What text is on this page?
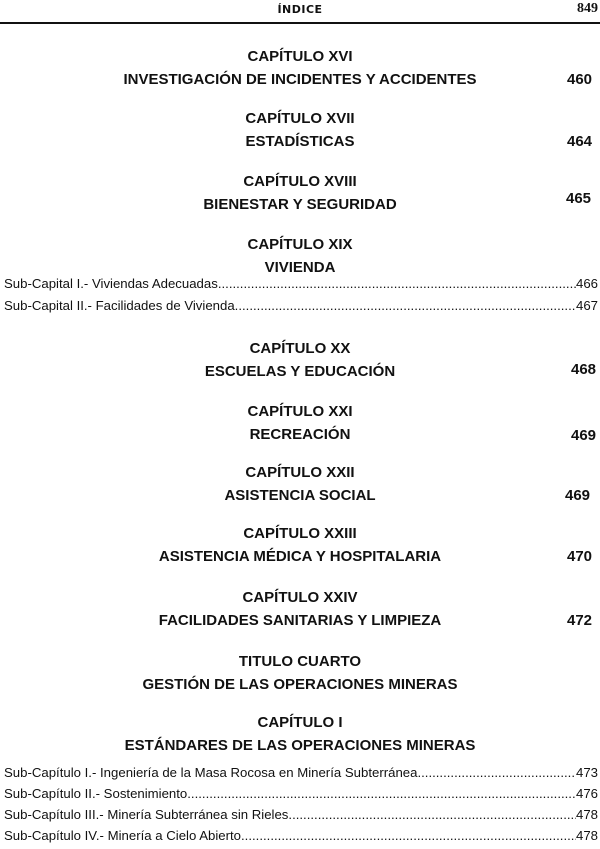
ÍNDICE	849
CAPÍTULO XVI
INVESTIGACIÓN DE INCIDENTES Y ACCIDENTES	460
CAPÍTULO XVII
ESTADÍSTICAS	464
CAPÍTULO XVIII
BIENESTAR Y SEGURIDAD	465
CAPÍTULO XIX
VIVIENDA
Sub-Capital I.- Viviendas Adecuadas .....	466
Sub-Capital II.- Facilidades de Vivienda .....	467
CAPÍTULO XX
ESCUELAS Y EDUCACIÓN	468
CAPÍTULO XXI
RECREACIÓN	469
CAPÍTULO XXII
ASISTENCIA SOCIAL	469
CAPÍTULO XXIII
ASISTENCIA MÉDICA Y HOSPITALARIA	470
CAPÍTULO XXIV
FACILIDADES SANITARIAS Y LIMPIEZA	472
TITULO CUARTO
GESTIÓN DE LAS OPERACIONES MINERAS
CAPÍTULO I
ESTÁNDARES DE LAS OPERACIONES MINERAS
Sub-Capítulo I.- Ingeniería de la Masa Rocosa en Minería Subterránea .....	473
Sub-Capítulo II.- Sostenimiento .....	476
Sub-Capítulo III.- Minería Subterránea sin Rieles .....	478
Sub-Capítulo IV.- Minería a Cielo Abierto .....	478
